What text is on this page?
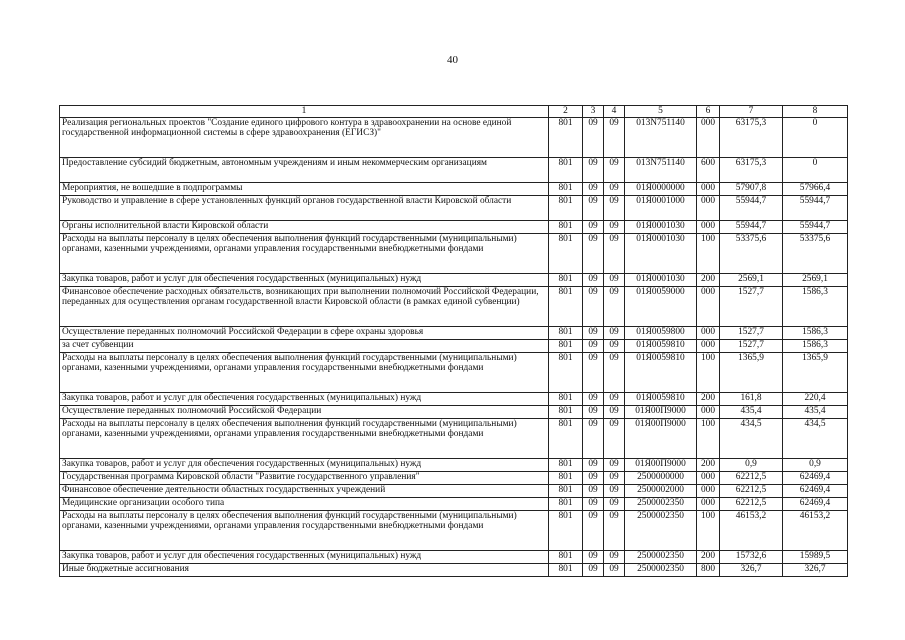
40
1	2	3	4	5	6	7	8
Реализация региональных проектов "Создание единого цифрового контура в здравоохранении на основе единой государственной информационной системы в сфере здравоохранения (ЕГИСЗ)"	801	09	09	013N751140	000	63175,3	0
Предоставление субсидий бюджетным, автономным учреждениям и иным некоммерческим организациям	801	09	09	013N751140	600	63175,3	0
Мероприятия, не вошедшие в подпрограммы	801	09	09	01Я0000000	000	57907,8	57966,4
Руководство и управление в сфере установленных функций органов государственной власти Кировской области	801	09	09	01Я0001000	000	55944,7	55944,7
Органы исполнительной власти Кировской области	801	09	09	01Я0001030	000	55944,7	55944,7
Расходы на выплаты персоналу в целях обеспечения выполнения функций государственными (муниципальными) органами, казенными учреждениями, органами управления государственными внебюджетными фондами	801	09	09	01Я0001030	100	53375,6	53375,6
Закупка товаров, работ и услуг для обеспечения государственных (муниципальных) нужд	801	09	09	01Я0001030	200	2569,1	2569,1
Финансовое обеспечение расходных обязательств, возникающих при выполнении полномочий Российской Федерации, переданных для осуществления органам государственной власти Кировской области (в рамках единой субвенции)	801	09	09	01Я0059000	000	1527,7	1586,3
Осуществление переданных полномочий Российской Федерации в сфере охраны здоровья	801	09	09	01Я0059800	000	1527,7	1586,3
за счет субвенции	801	09	09	01Я0059810	000	1527,7	1586,3
Расходы на выплаты персоналу в целях обеспечения выполнения функций государственными (муниципальными) органами, казенными учреждениями, органами управления государственными внебюджетными фондами	801	09	09	01Я0059810	100	1365,9	1365,9
Закупка товаров, работ и услуг для обеспечения государственных (муниципальных) нужд	801	09	09	01Я0059810	200	161,8	220,4
Осуществление переданных полномочий Российской Федерации	801	09	09	01Я00П9000	000	435,4	435,4
Расходы на выплаты персоналу в целях обеспечения выполнения функций государственными (муниципальными) органами, казенными учреждениями, органами управления государственными внебюджетными фондами	801	09	09	01Я00П9000	100	434,5	434,5
Закупка товаров, работ и услуг для обеспечения государственных (муниципальных) нужд	801	09	09	01Я00П9000	200	0,9	0,9
Государственная программа Кировской области "Развитие государственного управления"	801	09	09	2500000000	000	62212,5	62469,4
Финансовое обеспечение деятельности областных государственных учреждений	801	09	09	2500002000	000	62212,5	62469,4
Медицинские организации особого типа	801	09	09	2500002350	000	62212,5	62469,4
Расходы на выплаты персоналу в целях обеспечения выполнения функций государственными (муниципальными) органами, казенными учреждениями, органами управления государственными внебюджетными фондами	801	09	09	2500002350	100	46153,2	46153,2
Закупка товаров, работ и услуг для обеспечения государственных (муниципальных) нужд	801	09	09	2500002350	200	15732,6	15989,5
Иные бюджетные ассигнования	801	09	09	2500002350	800	326,7	326,7
